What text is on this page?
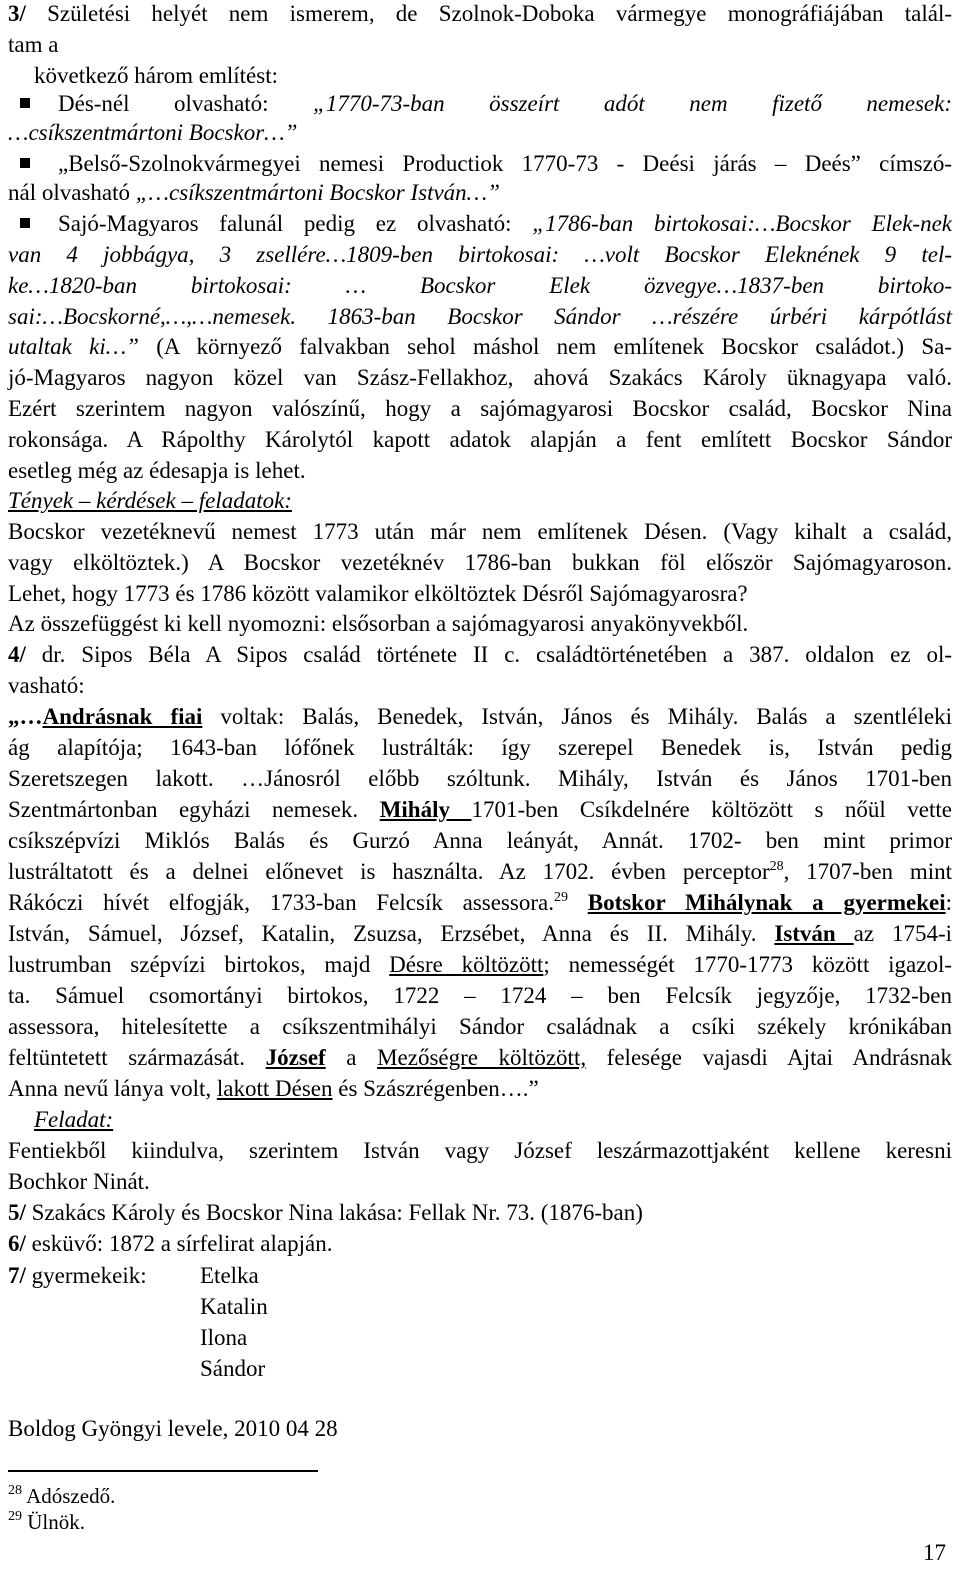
3/ Születési helyét nem ismerem, de Szolnok-Doboka vármegye monográfiájában talál-
tam a
következő három említést:
Dés-nél olvasható: „1770-73-ban összeírt adót nem fizető nemesek:
…csíkszentmártoni Bocskor…”
„Belső-Szolnokvármegyei nemesi Productiok 1770-73 - Deési járás – Deés” címszó-
nál olvasható „…csíkszentmártoni Bocskor István…”
Sajó-Magyaros falunál pedig ez olvasható: „1786-ban birtokosai:…Bocskor Elek-nek
van 4 jobbágya, 3 zsellére…1809-ben birtokosai: …volt Bocskor Eleknének 9 tel-
ke…1820-ban birtokosai: … Bocskor Elek özvegye…1837-ben birtoko-
sai:…Bocskorné,…,…nemesek. 1863-ban Bocskor Sándor …részére úrbéri kárpótlást
utaltak ki…” (A környező falvakban sehol máshol nem említenek Bocskor családot.) Sa-
jó-Magyaros nagyon közel van Szász-Fellakhoz, ahová Szakács Károly üknagyapa való.
Ezért szerintem nagyon valószínű, hogy a sajómagyarosi Bocskor család, Bocskor Nina
rokonsága. A Rápolthy Károlytól kapott adatok alapján a fent említett Bocskor Sándor
esetleg még az édesapja is lehet.
Tények – kérdések – feladatok:
Bocskor vezetéknevű nemest 1773 után már nem említenek Désen. (Vagy kihalt a család,
vagy elköltöztek.) A Bocskor vezetéknév 1786-ban bukkan föl először Sajómagyaroson.
Lehet, hogy 1773 és 1786 között valamikor elköltöztek Désről Sajómagyarosra?
Az összefüggést ki kell nyomozni: elsősorban a sajómagyarosi anyakönyvekből.
4/ dr. Sipos Béla A Sipos család története II c. családtörténetében a 387. oldalon ez ol-
vasható:
„…Andrásnak fiai voltak: Balás, Benedek, István, János és Mihály. Balás a szentléleki
ág alapítója; 1643-ban lófőnek lustrálták: így szerepel Benedek is, István pedig
Szeretszegen lakott. …Jánosról előbb szóltunk. Mihály, István és János 1701-ben
Szentmártonban egyházi nemesek. Mihály 1701-ben Csíkdelnére költözött s nőül vette
csíkszépvízi Miklós Balás és Gurzó Anna leányát, Annát. 1702- ben mint primor
lustráltatott és a delnei előnevet is használta. Az 1702. évben perceptor$^{28}$, 1707-ben mint
Rákóczi hívét elfogják, 1733-ban Felcsík assessora.$^{29}$ Botskor Mihálynak a gyermekei:
István, Sámuel, József, Katalin, Zsuzsa, Erzsébet, Anna és II. Mihály. István az 1754-i
lustrumban szépvízi birtokos, majd Désre költözött; nemességét 1770-1773 között igazol-
ta. Sámuel csomortányi birtokos, 1722 – 1724 – ben Felcsík jegyzője, 1732-ben
assessora, hitelesítette a csíkszentmihályi Sándor családnak a csíki székely krónikában
feltüntetett származását. József a Mezőségre költözött, felesége vajasdi Ajtai Andrásnak
Anna nevű lánya volt, lakott Désen és Szászrégenben….”
Feladat:
Fentiekből kiindulva, szerintem István vagy József leszármazottjaként kellene keresni
Bochkor Ninát.
5/ Szakács Károly és Bocskor Nina lakása: Fellak Nr. 73. (1876-ban)
6/ esküvő: 1872 a sírfelirat alapján.
7/ gyermekeik:	Etelka
Katalin
Ilona
Sándor
Boldog Gyöngyi levele, 2010 04 28
$^{28}$ Adószedő.
$^{29}$ Ülnök.
17
